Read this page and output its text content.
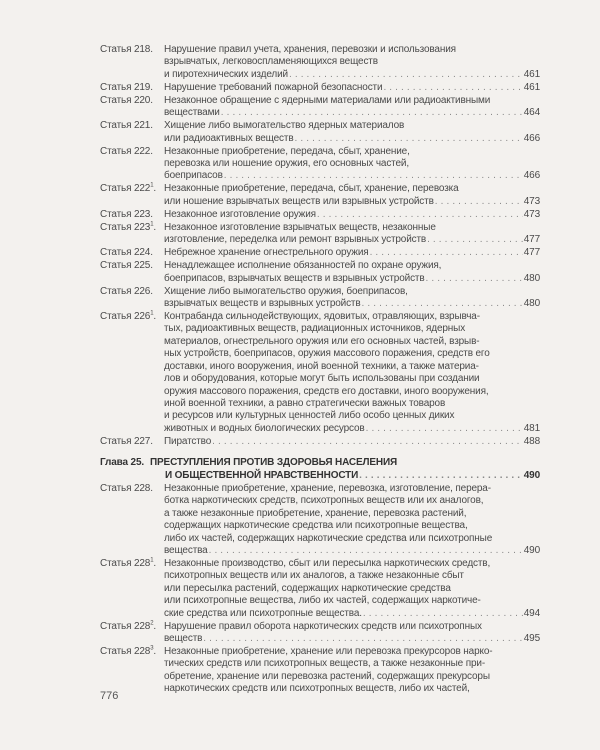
Статья 218.	Нарушение правил учета, хранения, перевозки и использования
взрывчатых, легковоспламеняющихся веществ
и пиротехнических изделий . . .	461
Статья 219.	Нарушение требований пожарной безопасности . . .	461
Статья 220.	Незаконное обращение с ядерными материалами или радиоактивными
веществами . . .	464
Статья 221.	Хищение либо вымогательство ядерных материалов
или радиоактивных веществ . . .	466
Статья 222.	Незаконные приобретение, передача, сбыт, хранение,
перевозка или ношение оружия, его основных частей,
боеприпасов . . .	466
Статья $222^1$. Незаконные приобретение, передача, сбыт, хранение, перевозка
или ношение взрывчатых веществ или взрывных устройств . . .	473
Статья 223.	Незаконное изготовление оружия . . .	473
Статья $223^1$. Незаконное изготовление взрывчатых веществ, незаконные
изготовление, переделка или ремонт взрывных устройств . . .	477
Статья 224.	Небрежное хранение огнестрельного оружия . . .	477
Статья 225.	Ненадлежащее исполнение обязанностей по охране оружия,
боеприпасов, взрывчатых веществ и взрывных устройств . . .	480
Статья 226.	Хищение либо вымогательство оружия, боеприпасов,
взрывчатых веществ и взрывных устройств . . .	480
Статья $226^1$. Контрабанда сильнодействующих, ядовитых, отравляющих, взрывча-
тых, радиоактивных веществ, радиационных источников, ядерных
материалов, огнестрельного оружия или его основных частей, взрыв-
ных устройств, боеприпасов, оружия массового поражения, средств его
доставки, иного вооружения, иной военной техники, а также материа-
лов и оборудования, которые могут быть использованы при создании
оружия массового поражения, средств его доставки, иного вооружения,
иной военной техники, а равно стратегически важных товаров
и ресурсов или культурных ценностей либо особо ценных диких
животных и водных биологических ресурсов . . .	481
Статья 227.	Пиратство . . .	488
Глава 25. ПРЕСТУПЛЕНИЯ ПРОТИВ ЗДОРОВЬЯ НАСЕЛЕНИЯ
И ОБЩЕСТВЕННОЙ НРАВСТВЕННОСТИ . . .	490
Статья 228.	Незаконные приобретение, хранение, перевозка, изготовление, перера-
ботка наркотических средств, психотропных веществ или их аналогов,
а также незаконные приобретение, хранение, перевозка растений,
содержащих наркотические средства или психотропные вещества,
либо их частей, содержащих наркотические средства или психотропные
вещества . . .	490
Статья $228^1$. Незаконные производство, сбыт или пересылка наркотических средств,
психотропных веществ или их аналогов, а также незаконные сбыт
или пересылка растений, содержащих наркотические средства
или психотропные вещества, либо их частей, содержащих наркотиче-
ские средства или психотропные вещества. . . .	494
Статья $228^2$. Нарушение правил оборота наркотических средств или психотропных
веществ . . .	495
Статья $228^3$. Незаконные приобретение, хранение или перевозка прекурсоров нарко-
тических средств или психотропных веществ, а также незаконные при-
обретение, хранение или перевозка растений, содержащих прекурсоры
наркотических средств или психотропных веществ, либо их частей,
776
